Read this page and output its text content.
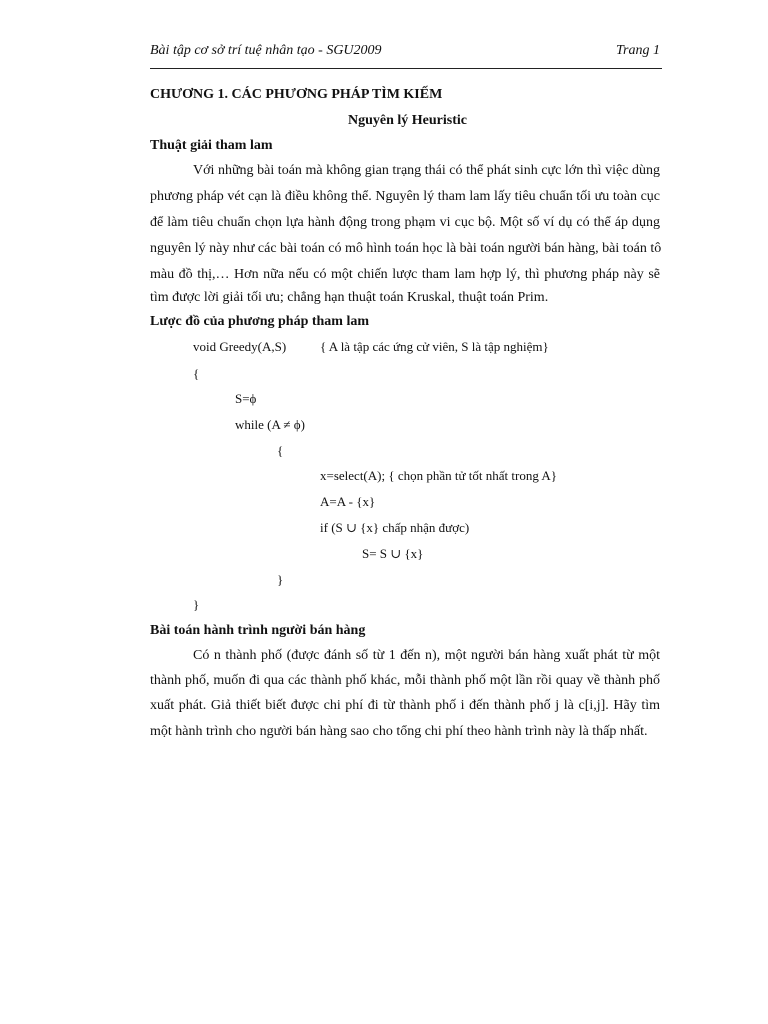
Bài tập cơ sở trí tuệ nhân tạo - SGU2009	Trang 1
CHƯƠNG 1. CÁC PHƯƠNG PHÁP TÌM KIẾM
Nguyên lý Heuristic
Thuật giải tham lam
Với những bài toán mà không gian trạng thái có thể phát sinh cực lớn thì việc dùng
phương pháp vét cạn là điều không thể. Nguyên lý tham lam lấy tiêu chuẩn tối ưu toàn cục
để làm tiêu chuẩn chọn lựa hành động trong phạm vi cục bộ. Một số ví dụ có thể áp dụng
nguyên lý này như các bài toán có mô hình toán học là bài toán người bán hàng, bài toán tô
màu đồ thị,… Hơn nữa nếu có một chiến lược tham lam hợp lý, thì phương pháp này sẽ
tìm được lời giải tối ưu; chẳng hạn thuật toán Kruskal, thuật toán Prim.
Lược đồ của phương pháp tham lam
void Greedy(A,S)	{ A là tập các ứng cử viên, S là tập nghiệm}
{
S=ϕ
while (A ≠ ϕ)
{
x=select(A); { chọn phần tử tốt nhất trong A}
A=A - {x}
if (S ∪ {x} chấp nhận được)
S= S ∪ {x}
}
}
Bài toán hành trình người bán hàng
Có n thành phố (được đánh số từ 1 đến n), một người bán hàng xuất phát từ một
thành phố, muốn đi qua các thành phố khác, mỗi thành phố một lần rồi quay về thành phố
xuất phát. Giả thiết biết được chi phí đi từ thành phố i đến thành phố j là c[i,j]. Hãy tìm
một hành trình cho người bán hàng sao cho tổng chi phí theo hành trình này là thấp nhất.
